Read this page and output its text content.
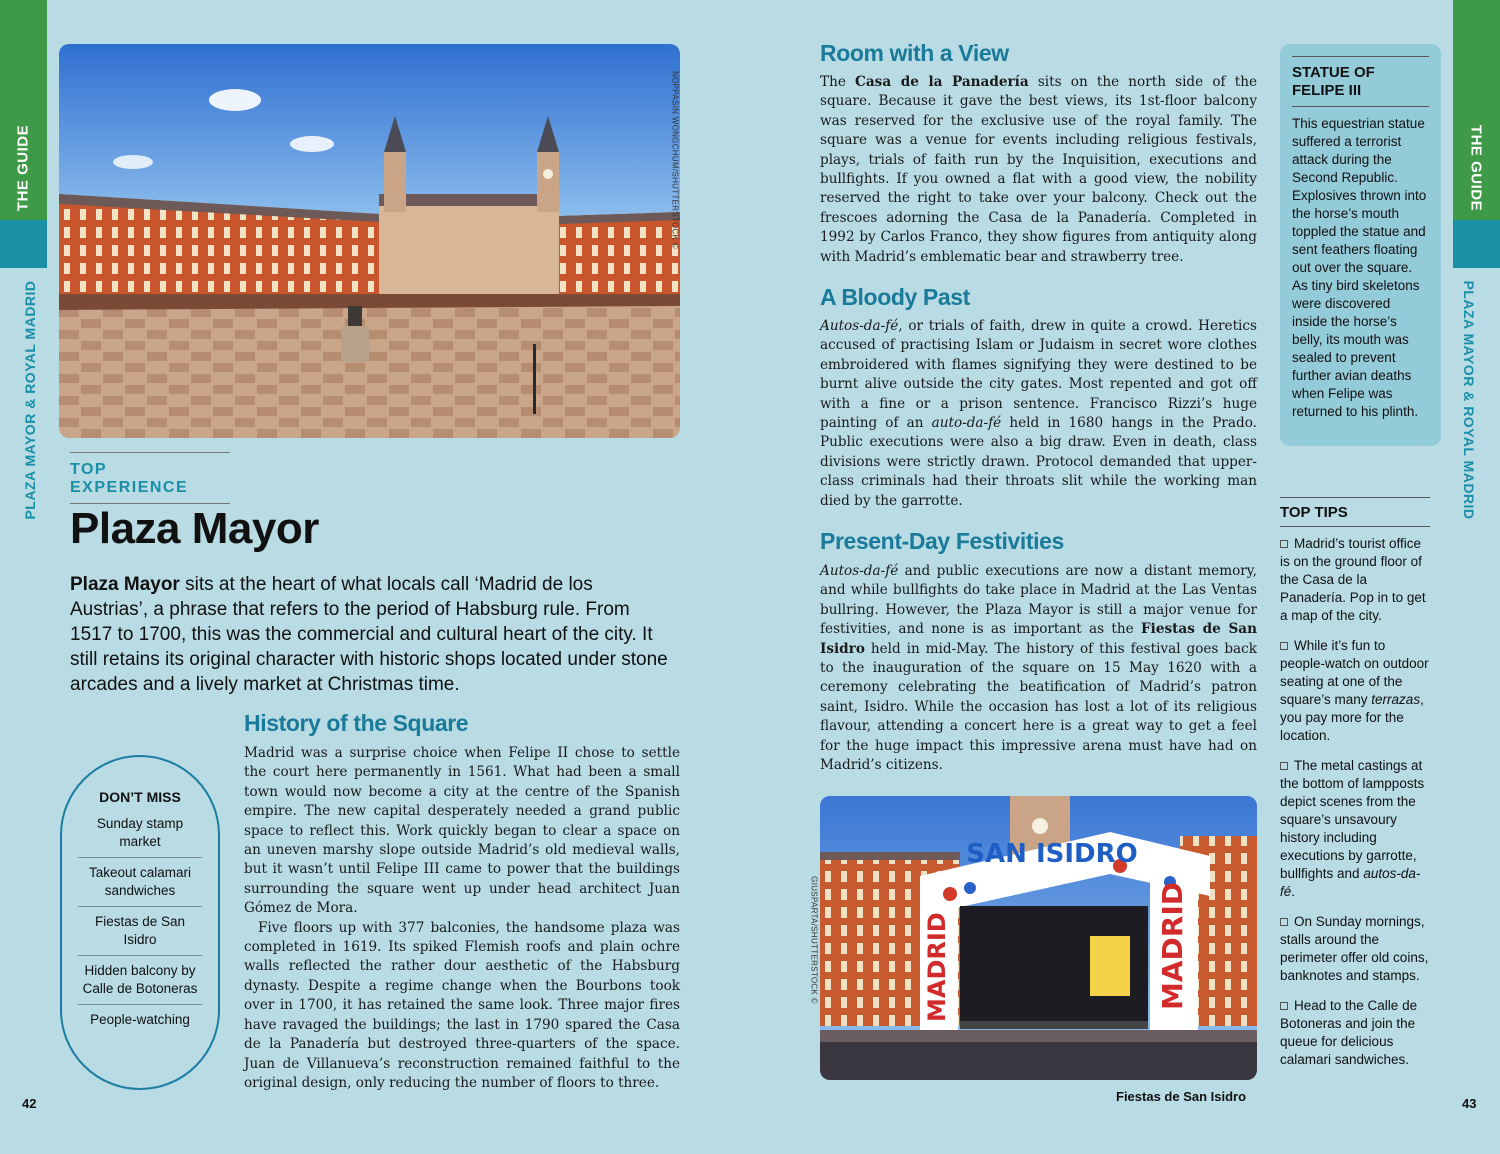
THE GUIDE
PLAZA MAYOR & ROYAL MADRID
THE GUIDE
PLAZA MAYOR & ROYAL MADRID
NOPPASIN WONGCHUM/SHUTTERSTOCK ©
TOP EXPERIENCE
Plaza Mayor
Plaza Mayor sits at the heart of what locals call ‘Madrid de los Austrias’, a phrase that refers to the period of Habsburg rule. From 1517 to 1700, this was the commercial and cultural heart of the city. It still retains its original character with historic shops located under stone arcades and a lively market at Christmas time.
History of the Square

Madrid was a surprise choice when Felipe II chose to settle the court here permanently in 1561. What had been a small town would now become a city at the centre of the Spanish empire. The new capital desperately needed a grand public space to reflect this. Work quickly began to clear a space on an uneven marshy slope outside Madrid’s old medieval walls, but it wasn’t until Felipe III came to power that the buildings surrounding the square went up under head architect Juan Gómez de Mora.

Five floors up with 377 balconies, the handsome plaza was completed in 1619. Its spiked Flemish roofs and plain ochre walls reflected the rather dour aesthetic of the Habsburg dynasty. Despite a regime change when the Bourbons took over in 1700, it has retained the same look. Three major fires have ravaged the buildings; the last in 1790 spared the Casa de la Panadería but destroyed three-quarters of the space. Juan de Villanueva’s reconstruction remained faithful to the original design, only reducing the number of floors to three.

DON’T MISS
Sunday stamp market
Takeout calamari sandwiches
Fiestas de San Isidro
Hidden balcony by Calle de Botoneras
People-watching
42
Room with a View
The Casa de la Panadería sits on the north side of the square. Because it gave the best views, its 1st-floor balcony was reserved for the exclusive use of the royal family. The square was a venue for events including religious festivals, plays, trials of faith run by the Inquisition, executions and bullfights. If you owned a flat with a good view, the nobility reserved the right to take over your balcony. Check out the frescoes adorning the Casa de la Panadería. Completed in 1992 by Carlos Franco, they show figures from antiquity along with Madrid’s emblematic bear and strawberry tree.
A Bloody Past
Autos-da-fé, or trials of faith, drew in quite a crowd. Heretics accused of practising Islam or Judaism in secret wore clothes embroidered with flames signifying they were destined to be burnt alive outside the city gates. Most repented and got off with a fine or a prison sentence. Francisco Rizzi’s huge painting of an auto-da-fé held in 1680 hangs in the Prado. Public executions were also a big draw. Even in death, class divisions were strictly drawn. Protocol demanded that upper-class criminals had their throats slit while the working man died by the garrotte.
Present-Day Festivities
Autos-da-fé and public executions are now a distant memory, and while bullfights do take place in Madrid at the Las Ventas bullring. However, the Plaza Mayor is still a major venue for festivities, and none is as important as the Fiestas de San Isidro held in mid-May. The history of this festival goes back to the inauguration of the square on 15 May 1620 with a ceremony celebrating the beatification of Madrid’s patron saint, Isidro. While the occasion has lost a lot of its religious flavour, attending a concert here is a great way to get a feel for the huge impact this impressive arena must have had on Madrid’s citizens.
SAN ISIDRO
MADRID	MADRID
GIUSPARTA/SHUTTERSTOCK ©
Fiestas de San Isidro
STATUE OF FELIPE III
This equestrian statue suffered a terrorist attack during the Second Republic. Explosives thrown into the horse’s mouth toppled the statue and sent feathers floating out over the square. As tiny bird skeletons were discovered inside the horse’s belly, its mouth was sealed to prevent further avian deaths when Felipe was returned to his plinth.
TOP TIPS
Madrid’s tourist office is on the ground floor of the Casa de la Panadería. Pop in to get a map of the city.
While it’s fun to people-watch on outdoor seating at one of the square’s many terrazas, you pay more for the location.
The metal castings at the bottom of lampposts depict scenes from the square’s unsavoury history including executions by garrotte, bullfights and autos-da-fé.
On Sunday mornings, stalls around the perimeter offer old coins, banknotes and stamps.
Head to the Calle de Botoneras and join the queue for delicious calamari sandwiches.
43
